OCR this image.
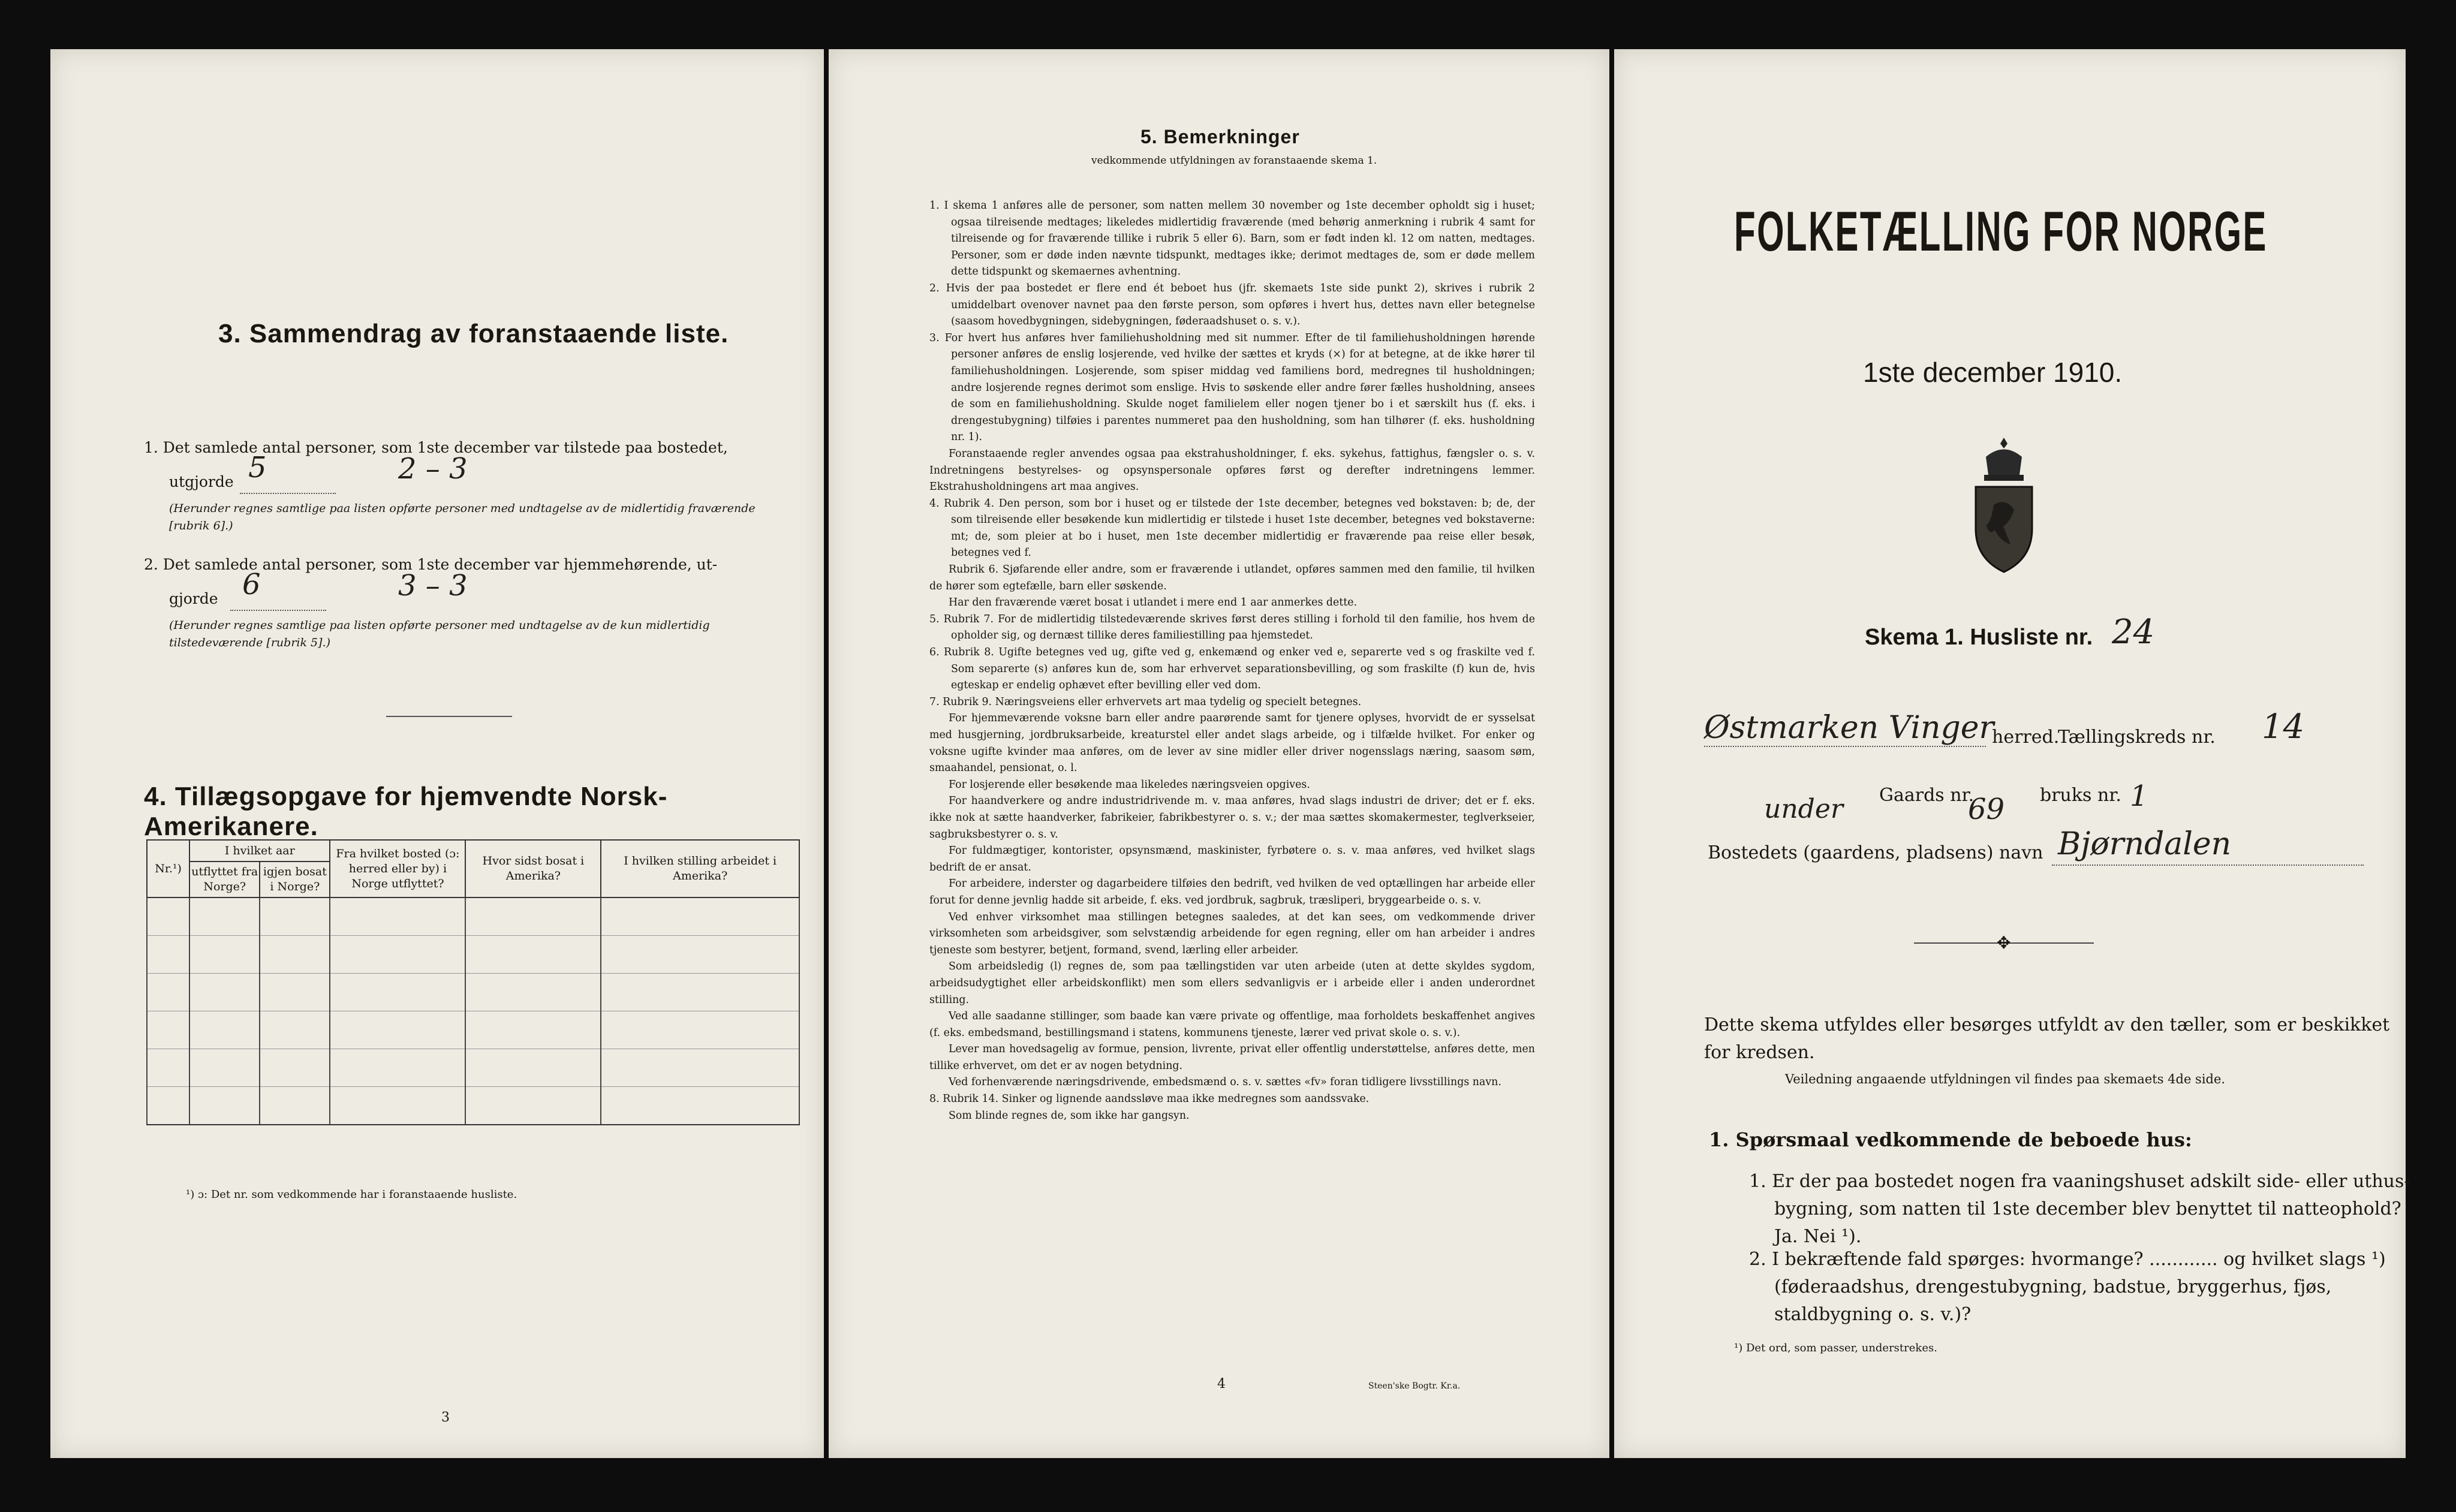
3. Sammendrag av foranstaaende liste.
1. Det samlede antal personer, som 1ste december var tilstede paa bostedet,
utgjorde 5	2 – 3
(Herunder regnes samtlige paa listen opførte personer med undtagelse av de midlertidig fraværende [rubrik 6].)
2. Det samlede antal personer, som 1ste december var hjemmehørende, ut-
gjorde 6	3 – 3
(Herunder regnes samtlige paa listen opførte personer med undtagelse av de kun midlertidig tilstedeværende [rubrik 5].)
4. Tillægsopgave for hjemvendte Norsk-Amerikanere.
Nr.¹)	I hvilket aar		Fra hvilket bosted (ɔ: herred eller by) i Norge utflyttet?	Hvor sidst bosat i Amerika?	I hvilken stilling arbeidet i Amerika?
	utflyttet fra Norge?	igjen bosat i Norge?			

¹) ɔ: Det nr. som vedkommende har i foranstaaende husliste.
3
5. Bemerkninger
vedkommende utfyldningen av foranstaaende skema 1.

1. I skema 1 anføres alle de personer, som natten mellem 30 november og 1ste december opholdt sig i huset; ogsaa tilreisende medtages; likeledes midlertidig fraværende (med behørig anmerkning i rubrik 4 samt for tilreisende og for fraværende tillike i rubrik 5 eller 6). Barn, som er født inden kl. 12 om natten, medtages. Personer, som er døde inden nævnte tidspunkt, medtages ikke; derimot medtages de, som er døde mellem dette tidspunkt og skemaernes avhentning.

2. Hvis der paa bostedet er flere end ét beboet hus (jfr. skemaets 1ste side punkt 2), skrives i rubrik 2 umiddelbart ovenover navnet paa den første person, som opføres i hvert hus, dettes navn eller betegnelse (saasom hovedbygningen, sidebygningen, føderaadshuset o. s. v.).

3. For hvert hus anføres hver familiehusholdning med sit nummer. Efter de til familiehusholdningen hørende personer anføres de enslig losjerende, ved hvilke der sættes et kryds (×) for at betegne, at de ikke hører til familiehusholdningen. Losjerende, som spiser middag ved familiens bord, medregnes til husholdningen; andre losjerende regnes derimot som enslige. Hvis to søskende eller andre fører fælles husholdning, ansees de som en familiehusholdning. Skulde noget familielem eller nogen tjener bo i et særskilt hus (f. eks. i drengestubygning) tilføies i parentes nummeret paa den husholdning, som han tilhører (f. eks. husholdning nr. 1).

Foranstaaende regler anvendes ogsaa paa ekstrahusholdninger, f. eks. sykehus, fattighus, fængsler o. s. v. Indretningens bestyrelses- og opsynspersonale opføres først og derefter indretningens lemmer. Ekstrahusholdningens art maa angives.

4. Rubrik 4. Den person, som bor i huset og er tilstede der 1ste december, betegnes ved bokstaven: b; de, der som tilreisende eller besøkende kun midlertidig er tilstede i huset 1ste december, betegnes ved bokstaverne: mt; de, som pleier at bo i huset, men 1ste december midlertidig er fraværende paa reise eller besøk, betegnes ved f.

Rubrik 6. Sjøfarende eller andre, som er fraværende i utlandet, opføres sammen med den familie, til hvilken de hører som egtefælle, barn eller søskende.

Har den fraværende været bosat i utlandet i mere end 1 aar anmerkes dette.

5. Rubrik 7. For de midlertidig tilstedeværende skrives først deres stilling i forhold til den familie, hos hvem de opholder sig, og dernæst tillike deres familiestilling paa hjemstedet.

6. Rubrik 8. Ugifte betegnes ved ug, gifte ved g, enkemænd og enker ved e, separerte ved s og fraskilte ved f. Som separerte (s) anføres kun de, som har erhvervet separationsbevilling, og som fraskilte (f) kun de, hvis egteskap er endelig ophævet efter bevilling eller ved dom.

7. Rubrik 9. Næringsveiens eller erhvervets art maa tydelig og specielt betegnes.

For hjemmeværende voksne barn eller andre paarørende samt for tjenere oplyses, hvorvidt de er sysselsat med husgjerning, jordbruksarbeide, kreaturstel eller andet slags arbeide, og i tilfælde hvilket. For enker og voksne ugifte kvinder maa anføres, om de lever av sine midler eller driver nogensslags næring, saasom søm, smaahandel, pensionat, o. l.

For losjerende eller besøkende maa likeledes næringsveien opgives.

For haandverkere og andre industridrivende m. v. maa anføres, hvad slags industri de driver; det er f. eks. ikke nok at sætte haandverker, fabrikeier, fabrikbestyrer o. s. v.; der maa sættes skomakermester, teglverkseier, sagbruksbestyrer o. s. v.

For fuldmægtiger, kontorister, opsynsmænd, maskinister, fyrbøtere o. s. v. maa anføres, ved hvilket slags bedrift de er ansat.

For arbeidere, inderster og dagarbeidere tilføies den bedrift, ved hvilken de ved optællingen har arbeide eller forut for denne jevnlig hadde sit arbeide, f. eks. ved jordbruk, sagbruk, træsliperi, bryggearbeide o. s. v.

Ved enhver virksomhet maa stillingen betegnes saaledes, at det kan sees, om vedkommende driver virksomheten som arbeidsgiver, som selvstændig arbeidende for egen regning, eller om han arbeider i andres tjeneste som bestyrer, betjent, formand, svend, lærling eller arbeider.

Som arbeidsledig (l) regnes de, som paa tællingstiden var uten arbeide (uten at dette skyldes sygdom, arbeidsudygtighet eller arbeidskonflikt) men som ellers sedvanligvis er i arbeide eller i anden underordnet stilling.

Ved alle saadanne stillinger, som baade kan være private og offentlige, maa forholdets beskaffenhet angives (f. eks. embedsmand, bestillingsmand i statens, kommunens tjeneste, lærer ved privat skole o. s. v.).

Lever man hovedsagelig av formue, pension, livrente, privat eller offentlig understøttelse, anføres dette, men tillike erhvervet, om det er av nogen betydning.

Ved forhenværende næringsdrivende, embedsmænd o. s. v. sættes «fv» foran tidligere livsstillings navn.

8. Rubrik 14. Sinker og lignende aandssløve maa ikke medregnes som aandssvake.

Som blinde regnes de, som ikke har gangsyn.

4	Steen'ske Bogtr. Kr.a.
FOLKETÆLLING FOR NORGE
1ste december 1910.
Skema 1. Husliste nr. 24
Østmarken Vinger
herred.
Tællingskreds nr. 14
under Gaards nr.
69 bruks nr. 1
Bostedets (gaardens, pladsens) navn Bjørndalen
✥
Dette skema utfyldes eller besørges utfyldt av den tæller, som er beskikket for kredsen.
Veiledning angaaende utfyldningen vil findes paa skemaets 4de side.
1. Spørsmaal vedkommende de beboede hus:
1. Er der paa bostedet nogen fra vaaningshuset adskilt side- eller uthus-bygning, som natten til 1ste december blev benyttet til natteophold? Ja. Nei ¹).
2. I bekræftende fald spørges: hvormange? ............ og hvilket slags ¹) (føderaadshus, drengestubygning, badstue, bryggerhus, fjøs, staldbygning o. s. v.)?
¹) Det ord, som passer, understrekes.
